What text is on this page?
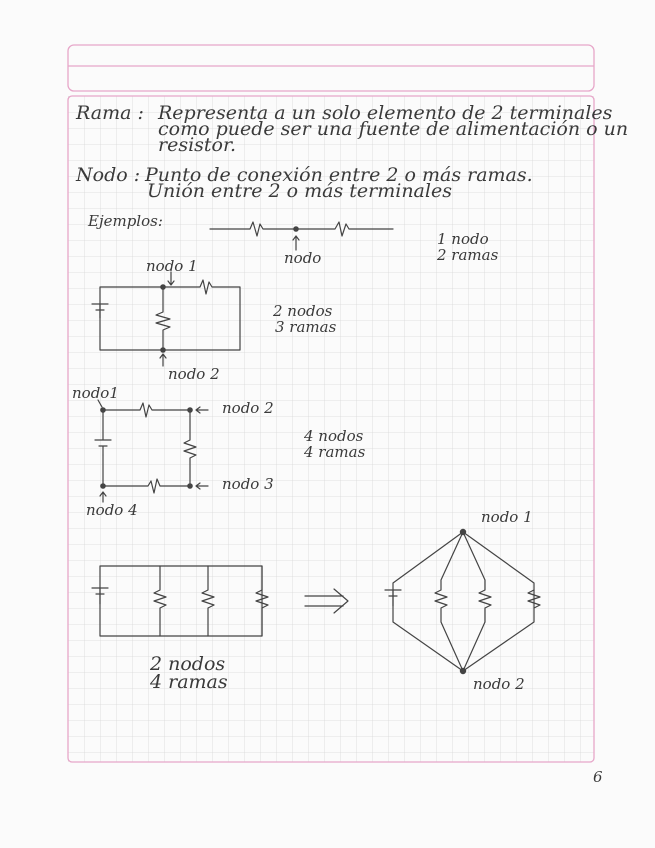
Rama : Representa a un solo elemento de 2 terminales
como puede ser una fuente de alimentación o un
resistor.
Nodo : Punto de conexión entre 2 o más ramas.
Unión entre 2 o más terminales
Ejemplos:
nodo
1 nodo
2 ramas
nodo 1
nodo 2
2 nodos
3 ramas
nodo1
nodo 2
nodo 3
nodo 4
4 nodos
4 ramas
2 nodos
4 ramas
nodo 1
nodo 2
6
